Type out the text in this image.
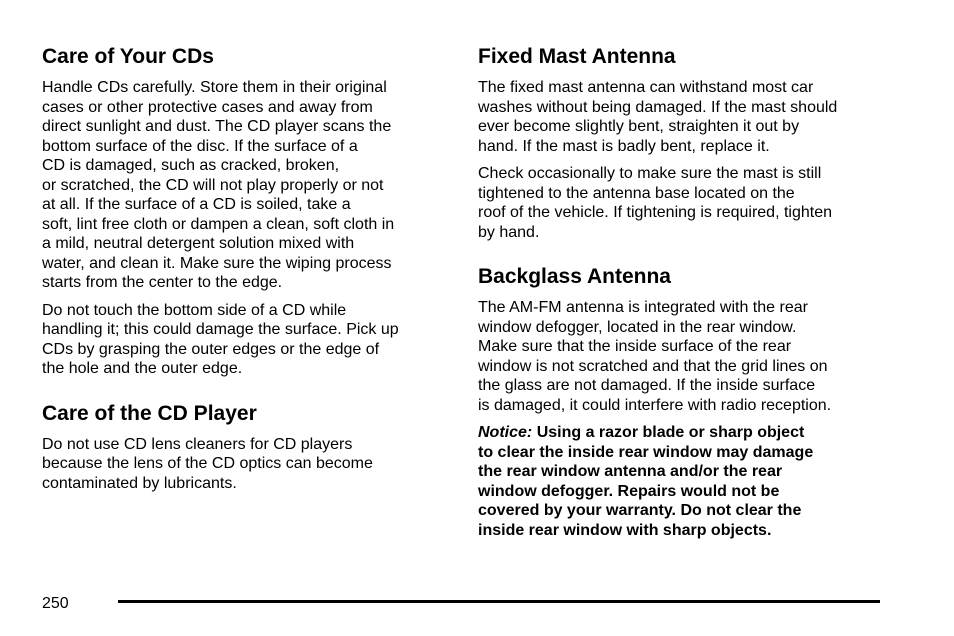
Care of Your CDs

Handle CDs carefully. Store them in their original
cases or other protective cases and away from
direct sunlight and dust. The CD player scans the
bottom surface of the disc. If the surface of a
CD is damaged, such as cracked, broken,
or scratched, the CD will not play properly or not
at all. If the surface of a CD is soiled, take a
soft, lint free cloth or dampen a clean, soft cloth in
a mild, neutral detergent solution mixed with
water, and clean it. Make sure the wiping process
starts from the center to the edge.

Do not touch the bottom side of a CD while
handling it; this could damage the surface. Pick up
CDs by grasping the outer edges or the edge of
the hole and the outer edge.

Care of the CD Player

Do not use CD lens cleaners for CD players
because the lens of the CD optics can become
contaminated by lubricants.

Fixed Mast Antenna

The fixed mast antenna can withstand most car
washes without being damaged. If the mast should
ever become slightly bent, straighten it out by
hand. If the mast is badly bent, replace it.

Check occasionally to make sure the mast is still
tightened to the antenna base located on the
roof of the vehicle. If tightening is required, tighten
by hand.

Backglass Antenna

The AM-FM antenna is integrated with the rear
window defogger, located in the rear window.
Make sure that the inside surface of the rear
window is not scratched and that the grid lines on
the glass are not damaged. If the inside surface
is damaged, it could interfere with radio reception.

Notice: Using a razor blade or sharp object
to clear the inside rear window may damage
the rear window antenna and/or the rear
window defogger. Repairs would not be
covered by your warranty. Do not clear the
inside rear window with sharp objects.

250
